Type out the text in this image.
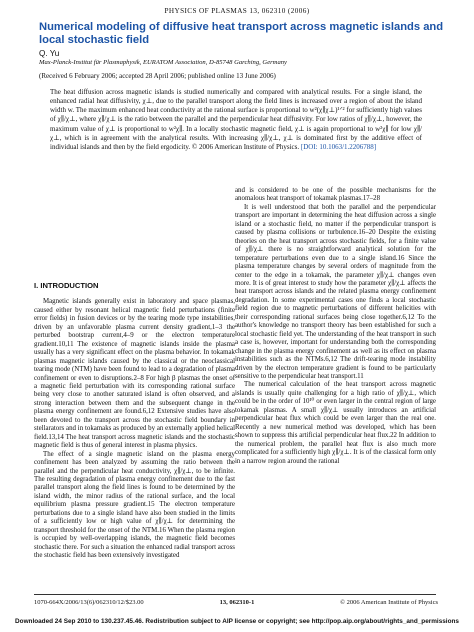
PHYSICS OF PLASMAS 13, 062310 (2006)
Numerical modeling of diffusive heat transport across magnetic islands and local stochastic field
Q. Yu
Max-Planck-Institut für Plasmaphysik, EURATOM Association, D-85748 Garching, Germany
(Received 6 February 2006; accepted 28 April 2006; published online 13 June 2006)
The heat diffusion across magnetic islands is studied numerically and compared with analytical results. For a single island, the enhanced radial heat diffusivity, χ⊥, due to the parallel transport along the field lines is increased over a region of about the island width w. The maximum enhanced heat conductivity at the rational surface is proportional to w²(χ∥χ⊥)¹ᐟ² for sufficiently high values of χ∥/χ⊥, where χ∥/χ⊥ is the ratio between the parallel and the perpendicular heat diffusivity. For low ratios of χ∥/χ⊥, however, the maximum value of χ⊥ is proportional to w²χ∥. In a locally stochastic magnetic field, χ⊥ is again proportional to w²χ∥ for low χ∥/χ⊥, which is in agreement with the analytical results. With increasing χ∥/χ⊥, χ⊥ is dominated first by the additive effect of individual islands and then by the field ergodicity. © 2006 American Institute of Physics. [DOI: 10.1063/1.2206788]
I. INTRODUCTION

Magnetic islands generally exist in laboratory and space plasmas, caused either by resonant helical magnetic field perturbations (finite error fields) in fusion devices or by the tearing mode type instabilities, driven by an unfavorable plasma current density gradient,1–3 the perturbed bootstrap current,4–9 or the electron temperature gradient.10,11 The existence of magnetic islands inside the plasma usually has a very significant effect on the plasma behavior. In tokamak plasmas magnetic islands caused by the classical or the neoclassical tearing mode (NTM) have been found to lead to a degradation of plasma confinement or even to disruptions.2–8 For high β plasmas the onset of a magnetic field perturbation with its corresponding rational surface being very close to another saturated island is often observed, and a strong interaction between them and the subsequent change in the plasma energy confinement are found.6,12 Extensive studies have also been devoted to the transport across the stochastic field boundary in stellarators and in tokamaks as produced by an externally applied helical field.13,14 The heat transport across magnetic islands and the stochastic magnetic field is thus of general interest in plasma physics.

The effect of a single magnetic island on the plasma energy confinement has been analyzed by assuming the ratio between the parallel and the perpendicular heat conductivity, χ∥/χ⊥, to be infinite. The resulting degradation of plasma energy confinement due to the fast parallel transport along the field lines is found to be determined by the island width, the minor radius of the rational surface, and the local equilibrium plasma pressure gradient.15 The electron temperature perturbations due to a single island have also been studied in the limits of a sufficiently low or high value of χ∥/χ⊥ for determining the transport threshold for the onset of the NTM.16 When the plasma region is occupied by well-overlapping islands, the magnetic field becomes stochastic there. For such a situation the enhanced radial transport across the stochastic field has been extensively investigated

and is considered to be one of the possible mechanisms for the anomalous heat transport of tokamak plasmas.17–28

It is well understood that both the parallel and the perpendicular transport are important in determining the heat diffusion across a single island or a stochastic field, no matter if the perpendicular transport is caused by plasma collisions or turbulence.16–20 Despite the existing theories on the heat transport across stochastic fields, for a finite value of χ∥/χ⊥ there is no straightforward analytical solution for the temperature perturbations even due to a single island.16 Since the plasma temperature changes by several orders of magnitude from the center to the edge in a tokamak, the parameter χ∥/χ⊥ changes even more. It is of great interest to study how the parameter χ∥/χ⊥ affects the heat transport across islands and the related plasma energy confinement degradation. In some experimental cases one finds a local stochastic field region due to magnetic perturbations of different helicities with their corresponding rational surfaces being close together.6,12 To the author's knowledge no transport theory has been established for such a local stochastic field yet. The understanding of the heat transport in such a case is, however, important for understanding both the corresponding change in the plasma energy confinement as well as its effect on plasma instabilities such as the NTMs.6,12 The drift-tearing mode instability driven by the electron temperature gradient is found to be particularly sensitive to the perpendicular heat transport.11

The numerical calculation of the heat transport across magnetic islands is usually quite challenging for a high ratio of χ∥/χ⊥, which could be in the order of 10¹⁰ or even larger in the central region of large tokamak plasmas. A small χ∥/χ⊥ usually introduces an artificial perpendicular heat flux which could be even larger than the real one. Recently a new numerical method was developed, which has been shown to suppress this artificial perpendicular heat flux.22 In addition to the numerical problem, the parallel heat flux is also much more complicated for a sufficiently high χ∥/χ⊥. It is of the classical form only in a narrow region around the rational

1070-664X/2006/13(6)/062310/12/$23.00	13, 062310-1	© 2006 American Institute of Physics
Downloaded 24 Sep 2010 to 130.237.45.46. Redistribution subject to AIP license or copyright; see http://pop.aip.org/about/rights_and_permissions
